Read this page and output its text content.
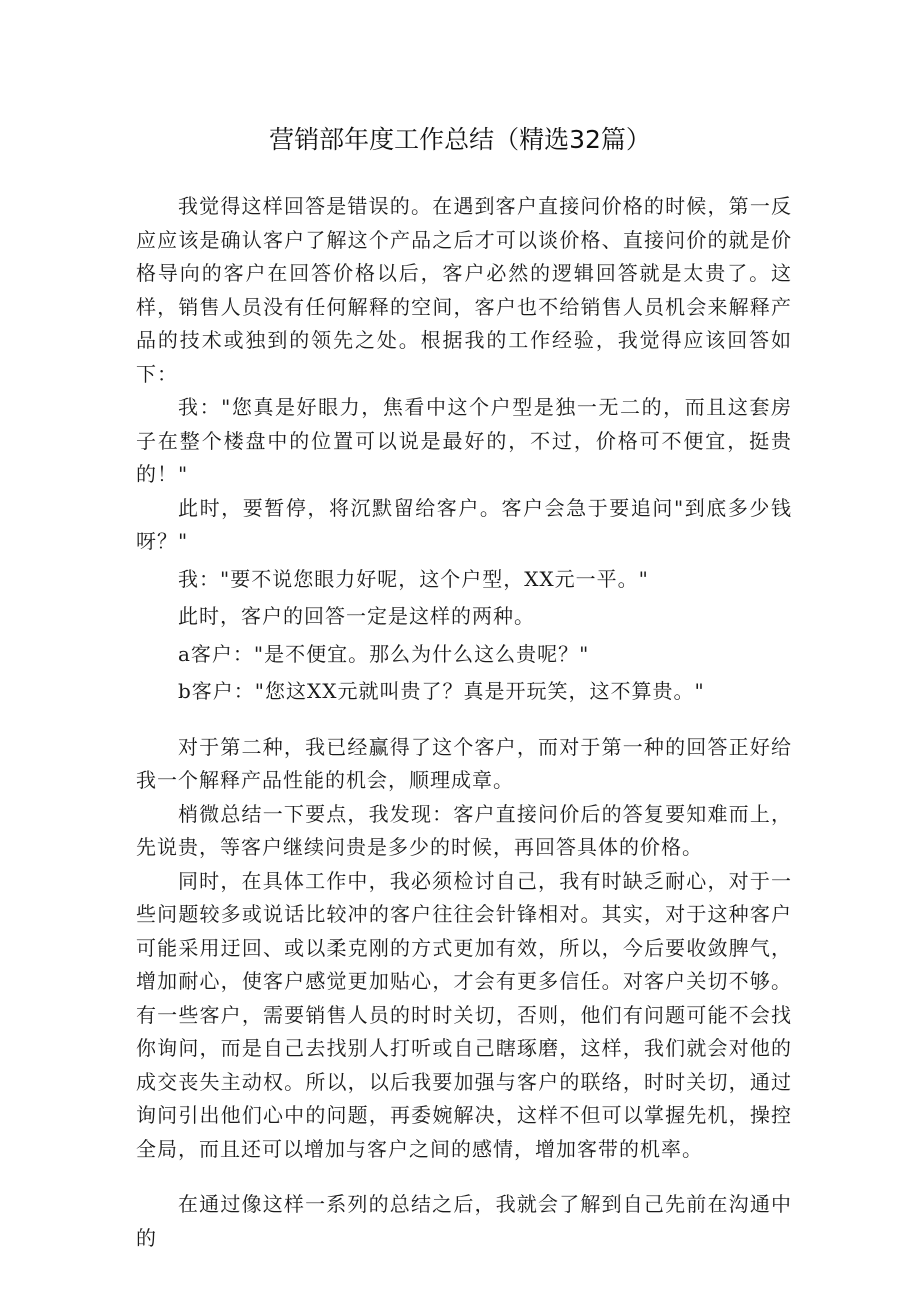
营销部年度工作总结（精选32篇）

我觉得这样回答是错误的。在遇到客户直接问价格的时候，第一反应应该是确认客户了解这个产品之后才可以谈价格、直接问价的就是价格导向的客户在回答价格以后，客户必然的逻辑回答就是太贵了。这样，销售人员没有任何解释的空间，客户也不给销售人员机会来解释产品的技术或独到的领先之处。根据我的工作经验，我觉得应该回答如下：

我："您真是好眼力，焦看中这个户型是独一无二的，而且这套房子在整个楼盘中的位置可以说是最好的，不过，价格可不便宜，挺贵的！"

此时，要暂停，将沉默留给客户。客户会急于要追问"到底多少钱呀？"

我："要不说您眼力好呢，这个户型，XX元一平。"

此时，客户的回答一定是这样的两种。

a客户："是不便宜。那么为什么这么贵呢？"

b客户："您这XX元就叫贵了？真是开玩笑，这不算贵。"

对于第二种，我已经赢得了这个客户，而对于第一种的回答正好给我一个解释产品性能的机会，顺理成章。

梢微总结一下要点，我发现：客户直接问价后的答复要知难而上，先说贵，等客户继续问贵是多少的时候，再回答具体的价格。

同时，在具体工作中，我必须检讨自己，我有时缺乏耐心，对于一些问题较多或说话比较冲的客户往往会针锋相对。其实，对于这种客户可能采用迂回、或以柔克刚的方式更加有效，所以，今后要收敛脾气，增加耐心，使客户感觉更加贴心，才会有更多信任。对客户关切不够。有一些客户，需要销售人员的时时关切，否则，他们有问题可能不会找你询问，而是自己去找别人打听或自己瞎琢磨，这样，我们就会对他的成交丧失主动权。所以，以后我要加强与客户的联络，时时关切，通过询问引出他们心中的问题，再委婉解决，这样不但可以掌握先机，操控全局，而且还可以增加与客户之间的感情，增加客带的机率。

在通过像这样一系列的总结之后，我就会了解到自己先前在沟通中的
